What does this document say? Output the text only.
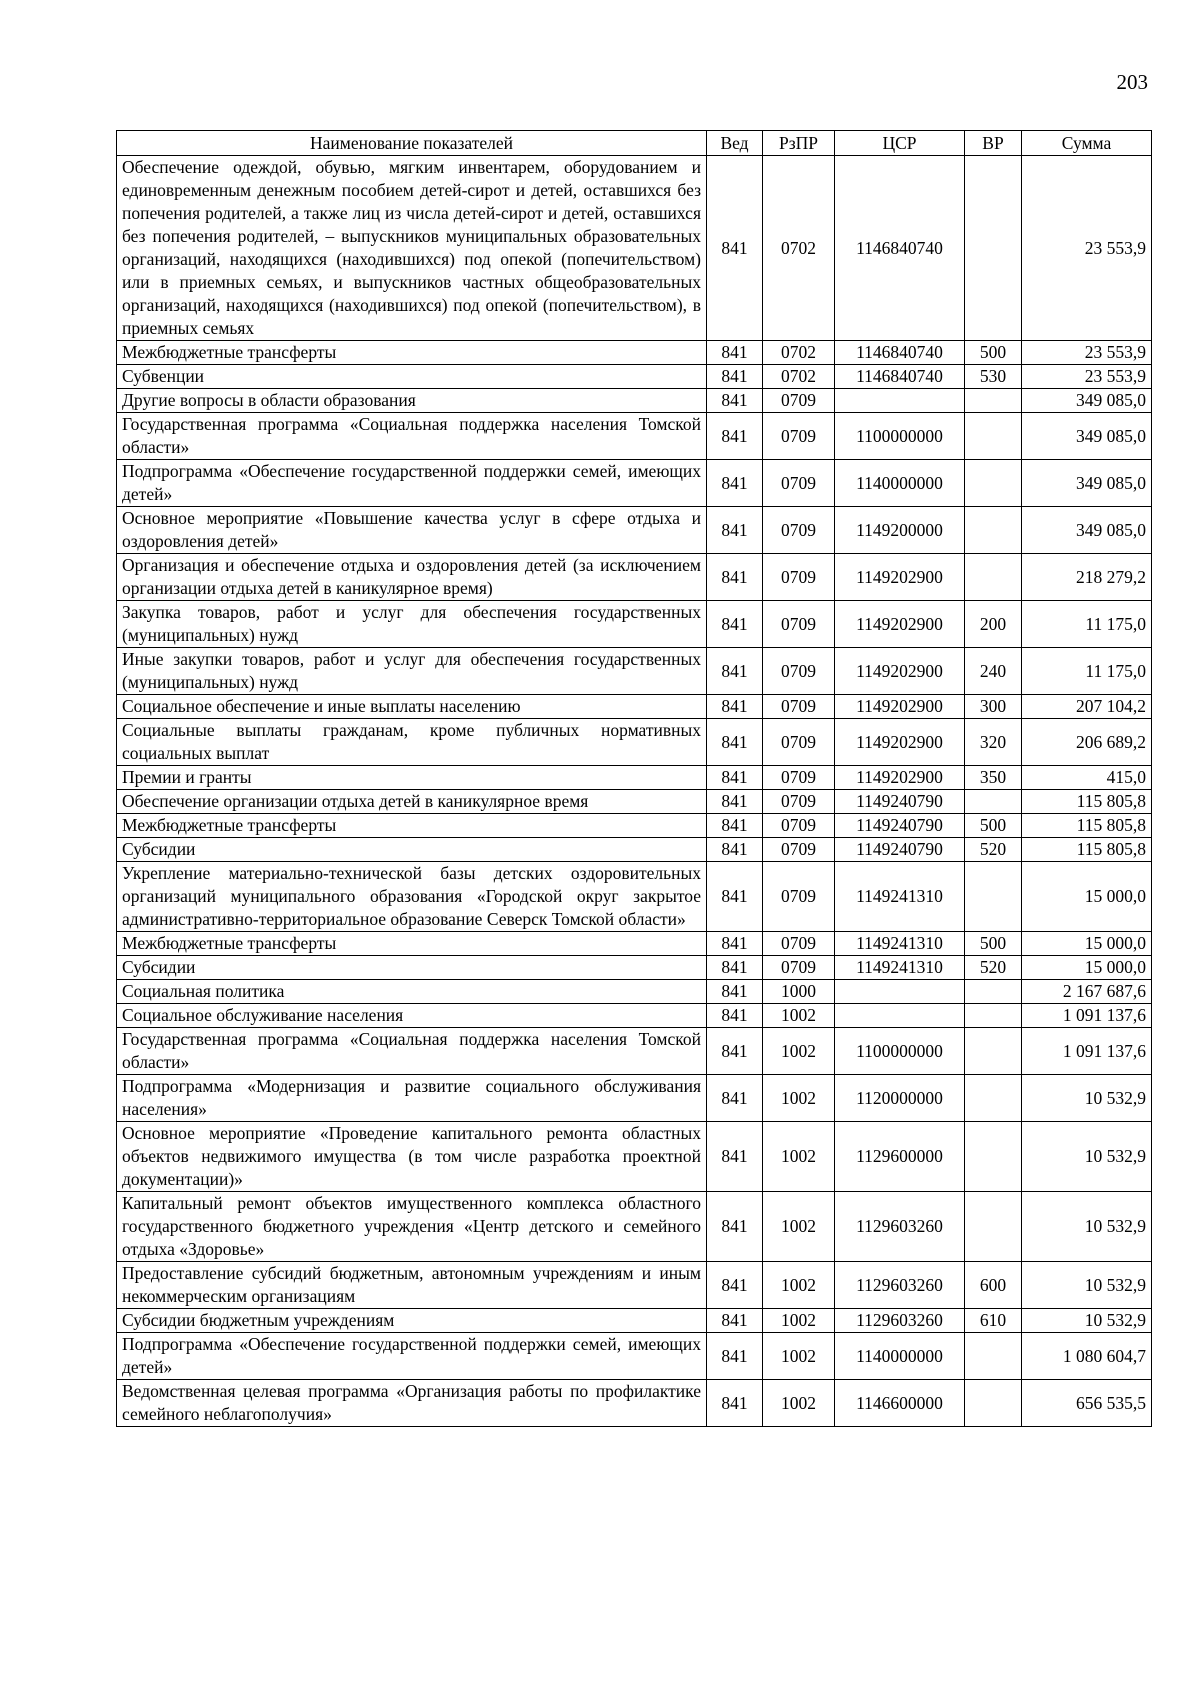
203
Наименование показателей	Вед	РзПР	ЦСР	ВР	Сумма
Обеспечение одеждой, обувью, мягким инвентарем, оборудованием и единовременным денежным пособием детей-сирот и детей, оставшихся без попечения родителей, а также лиц из числа детей-сирот и детей, оставшихся без попечения родителей, – выпускников муниципальных образовательных организаций, находящихся (находившихся) под опекой (попечительством) или в приемных семьях, и выпускников частных общеобразовательных организаций, находящихся (находившихся) под опекой (попечительством), в приемных семьях	841	0702	1146840740		23 553,9
Межбюджетные трансферты	841	0702	1146840740	500	23 553,9
Субвенции	841	0702	1146840740	530	23 553,9
Другие вопросы в области образования	841	0709			349 085,0
Государственная программа «Социальная поддержка населения Томской области»	841	0709	1100000000		349 085,0
Подпрограмма «Обеспечение государственной поддержки семей, имеющих детей»	841	0709	1140000000		349 085,0
Основное мероприятие «Повышение качества услуг в сфере отдыха и оздоровления детей»	841	0709	1149200000		349 085,0
Организация и обеспечение отдыха и оздоровления детей (за исключением организации отдыха детей в каникулярное время)	841	0709	1149202900		218 279,2
Закупка товаров, работ и услуг для обеспечения государственных (муниципальных) нужд	841	0709	1149202900	200	11 175,0
Иные закупки товаров, работ и услуг для обеспечения государственных (муниципальных) нужд	841	0709	1149202900	240	11 175,0
Социальное обеспечение и иные выплаты населению	841	0709	1149202900	300	207 104,2
Социальные выплаты гражданам, кроме публичных нормативных социальных выплат	841	0709	1149202900	320	206 689,2
Премии и гранты	841	0709	1149202900	350	415,0
Обеспечение организации отдыха детей в каникулярное время	841	0709	1149240790		115 805,8
Межбюджетные трансферты	841	0709	1149240790	500	115 805,8
Субсидии	841	0709	1149240790	520	115 805,8
Укрепление материально-технической базы детских оздоровительных организаций муниципального образования «Городской округ закрытое административно-территориальное образование Северск Томской области»	841	0709	1149241310		15 000,0
Межбюджетные трансферты	841	0709	1149241310	500	15 000,0
Субсидии	841	0709	1149241310	520	15 000,0
Социальная политика	841	1000			2 167 687,6
Социальное обслуживание населения	841	1002			1 091 137,6
Государственная программа «Социальная поддержка населения Томской области»	841	1002	1100000000		1 091 137,6
Подпрограмма «Модернизация и развитие социального обслуживания населения»	841	1002	1120000000		10 532,9
Основное мероприятие «Проведение капитального ремонта областных объектов недвижимого имущества (в том числе разработка проектной документации)»	841	1002	1129600000		10 532,9
Капитальный ремонт объектов имущественного комплекса областного государственного бюджетного учреждения «Центр детского и семейного отдыха «Здоровье»	841	1002	1129603260		10 532,9
Предоставление субсидий бюджетным, автономным учреждениям и иным некоммерческим организациям	841	1002	1129603260	600	10 532,9
Субсидии бюджетным учреждениям	841	1002	1129603260	610	10 532,9
Подпрограмма «Обеспечение государственной поддержки семей, имеющих детей»	841	1002	1140000000		1 080 604,7
Ведомственная целевая программа «Организация работы по профилактике семейного неблагополучия»	841	1002	1146600000		656 535,5
